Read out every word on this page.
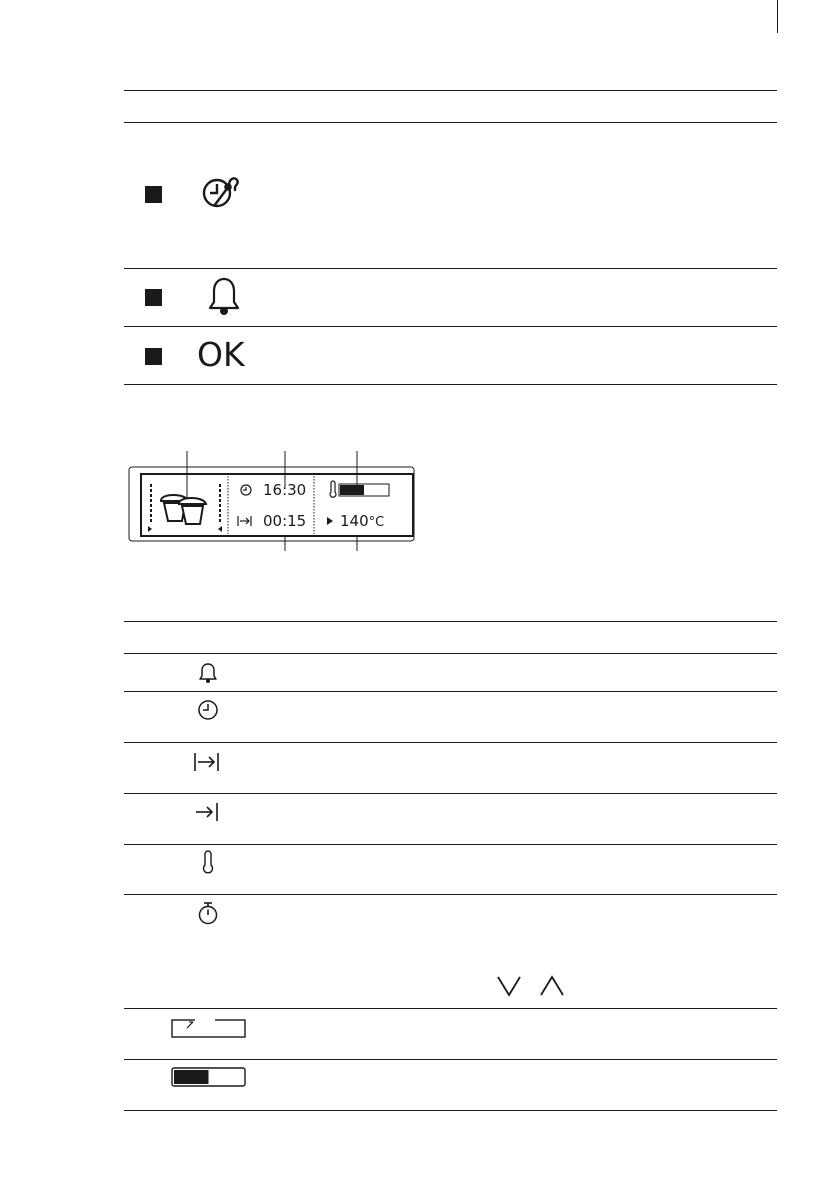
OK
16:30
00:15 140°C
